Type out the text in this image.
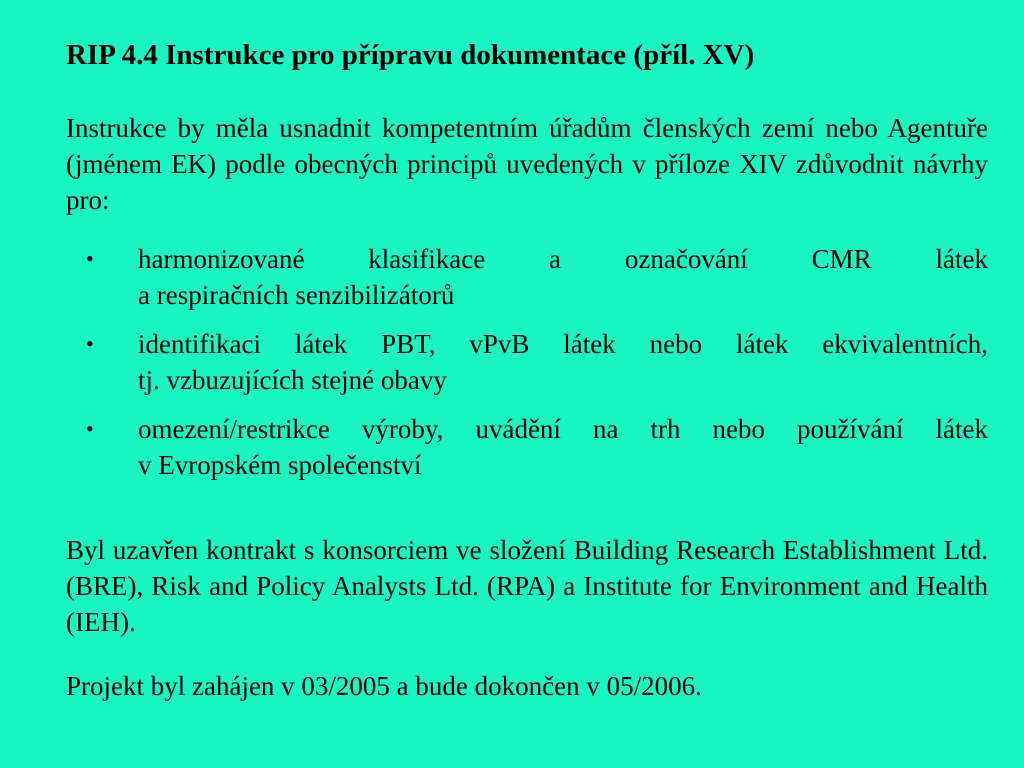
RIP 4.4 Instrukce pro přípravu dokumentace (příl. XV)
Instrukce by měla usnadnit kompetentním úřadům členských zemí nebo Agentuře (jménem EK) podle obecných principů uvedených v příloze XIV zdůvodnit návrhy pro:
•	harmonizované klasifikace a označování CMR látek
a respiračních senzibilizátorů
•	identifikaci látek PBT, vPvB látek nebo látek ekvivalentních,
tj. vzbuzujících stejné obavy
•	omezení/restrikce výroby, uvádění na trh nebo používání látek
v Evropském společenství
Byl uzavřen kontrakt s konsorciem ve složení Building Research Establishment Ltd. (BRE), Risk and Policy Analysts Ltd. (RPA) a Institute for Environment and Health (IEH).
Projekt byl zahájen v 03/2005 a bude dokončen v 05/2006.
